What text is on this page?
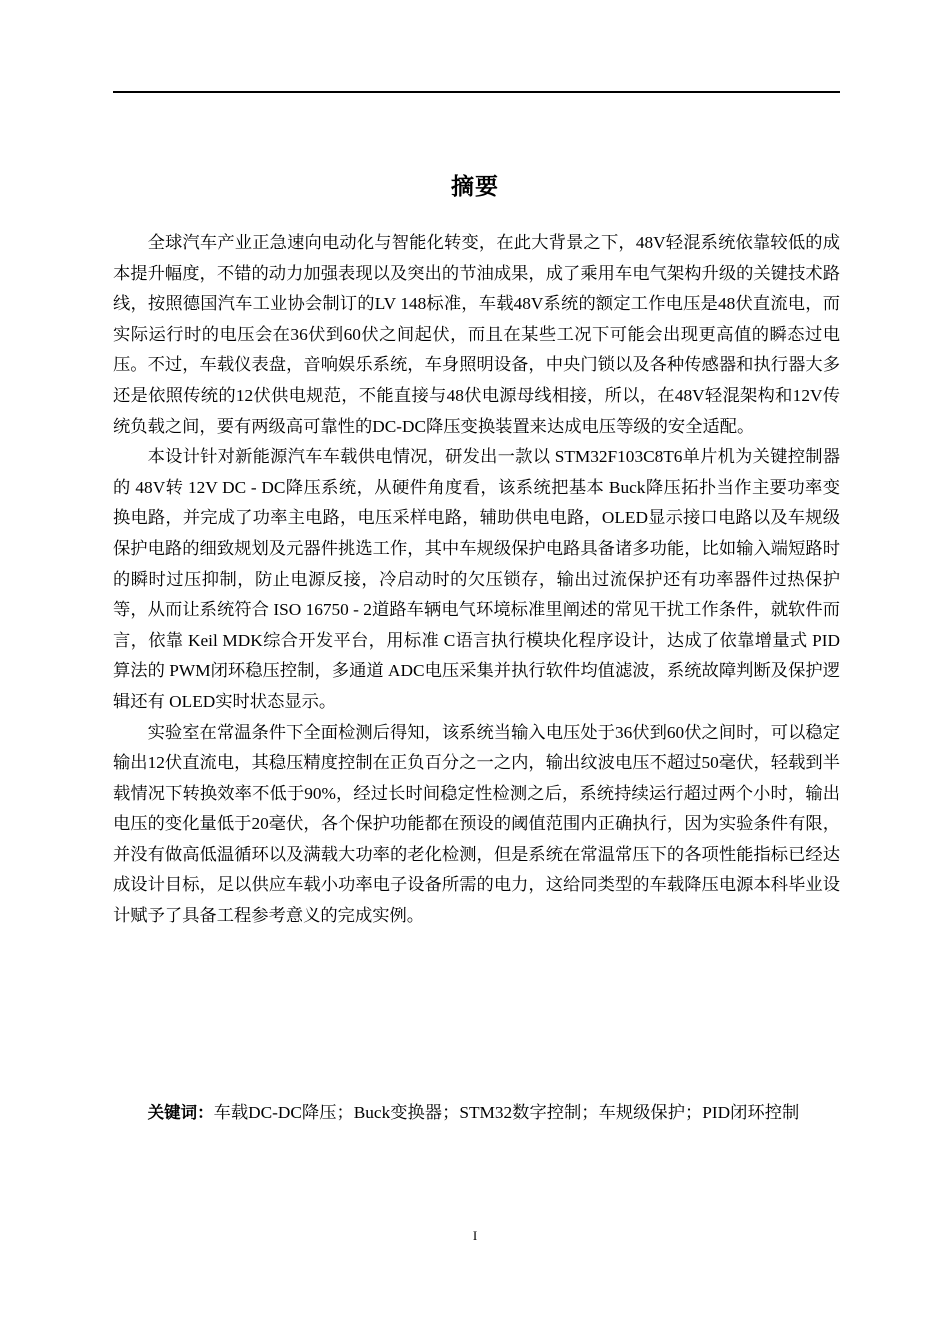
摘要

全球汽车产业正急速向电动化与智能化转变，在此大背景之下，48V轻混系统依靠较低的成本提升幅度，不错的动力加强表现以及突出的节油成果，成了乘用车电气架构升级的关键技术路线，按照德国汽车工业协会制订的LV 148标准，车载48V系统的额定工作电压是48伏直流电，而实际运行时的电压会在36伏到60伏之间起伏，而且在某些工况下可能会出现更高值的瞬态过电压。不过，车载仪表盘，音响娱乐系统，车身照明设备，中央门锁以及各种传感器和执行器大多还是依照传统的12伏供电规范，不能直接与48伏电源母线相接，所以，在48V轻混架构和12V传统负载之间，要有两级高可靠性的DC-DC降压变换装置来达成电压等级的安全适配。

本设计针对新能源汽车车载供电情况，研发出一款以 STM32F103C8T6单片机为关键控制器的 48V转 12V DC - DC降压系统，从硬件角度看，该系统把基本 Buck降压拓扑当作主要功率变换电路，并完成了功率主电路，电压采样电路，辅助供电电路，OLED显示接口电路以及车规级保护电路的细致规划及元器件挑选工作，其中车规级保护电路具备诸多功能，比如输入端短路时的瞬时过压抑制，防止电源反接，冷启动时的欠压锁存，输出过流保护还有功率器件过热保护等，从而让系统符合 ISO 16750 - 2道路车辆电气环境标准里阐述的常见干扰工作条件，就软件而言，依靠 Keil MDK综合开发平台，用标准 C语言执行模块化程序设计，达成了依靠增量式 PID算法的 PWM闭环稳压控制，多通道 ADC电压采集并执行软件均值滤波，系统故障判断及保护逻辑还有 OLED实时状态显示。

实验室在常温条件下全面检测后得知，该系统当输入电压处于36伏到60伏之间时，可以稳定输出12伏直流电，其稳压精度控制在正负百分之一之内，输出纹波电压不超过50毫伏，轻载到半载情况下转换效率不低于90%，经过长时间稳定性检测之后，系统持续运行超过两个小时，输出电压的变化量低于20毫伏，各个保护功能都在预设的阈值范围内正确执行，因为实验条件有限，并没有做高低温循环以及满载大功率的老化检测，但是系统在常温常压下的各项性能指标已经达成设计目标，足以供应车载小功率电子设备所需的电力，这给同类型的车载降压电源本科毕业设计赋予了具备工程参考意义的完成实例。

关键词：车载DC-DC降压；Buck变换器；STM32数字控制；车规级保护；PID闭环控制
I
